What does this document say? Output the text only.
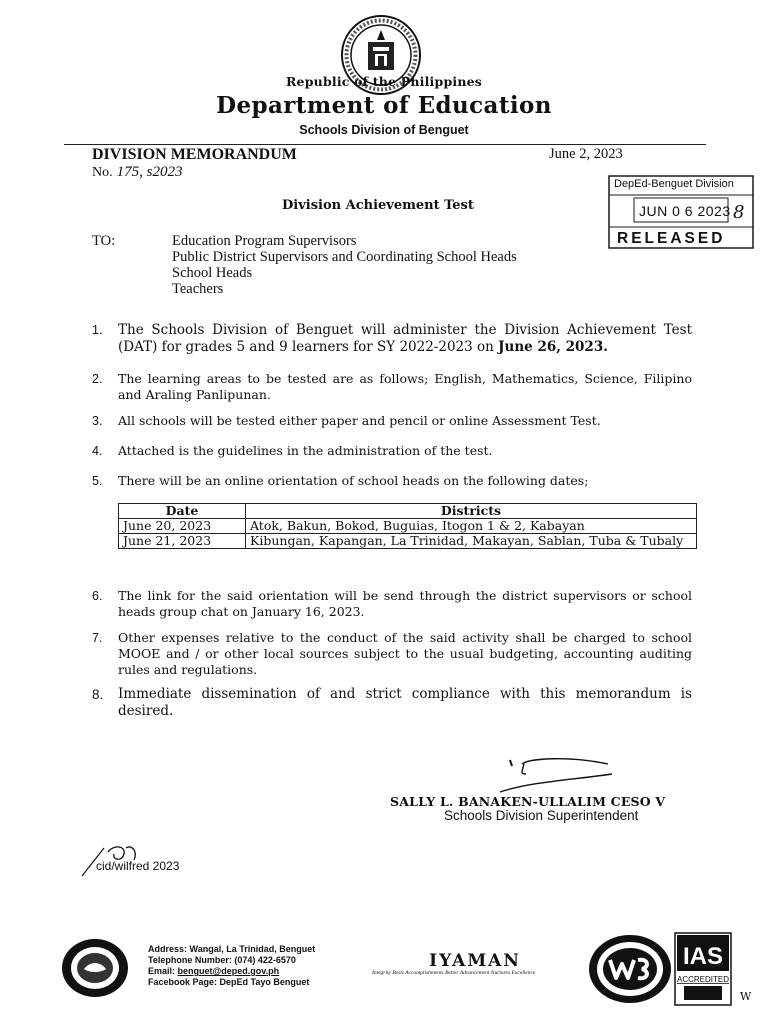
Republic of the Philippines
Department of Education
Schools Division of Benguet
DIVISION MEMORANDUM	June 2, 2023
No. 175, s2023
Division Achievement Test
DepEd-Benguet Division
JUN 0 6 2023 8
RELEASED
TO:	Education Program Supervisors
Public District Supervisors and Coordinating School Heads
School Heads
Teachers
1.	The Schools Division of Benguet will administer the Division Achievement Test (DAT) for grades 5 and 9 learners for SY 2022-2023 on June 26, 2023.
2.	The learning areas to be tested are as follows; English, Mathematics, Science, Filipino and Araling Panlipunan.
3.	All schools will be tested either paper and pencil or online Assessment Test.
4.	Attached is the guidelines in the administration of the test.
5.	There will be an online orientation of school heads on the following dates;
Date	Districts
June 20, 2023	Atok, Bakun, Bokod, Buguias, Itogon 1 & 2, Kabayan
June 21, 2023	Kibungan, Kapangan, La Trinidad, Makayan, Sablan, Tuba & Tubaly
6.	The link for the said orientation will be send through the district supervisors or school heads group chat on January 16, 2023.
7.	Other expenses relative to the conduct of the said activity shall be charged to school MOOE and / or other local sources subject to the usual budgeting, accounting auditing rules and regulations.
8.	Immediate dissemination of and strict compliance with this memorandum is desired.
SALLY L. BANAKEN-ULLALIM CESO V
Schools Division Superintendent
cid/wilfred 2023
Address: Wangal, La Trinidad, Benguet
Telephone Number: (074) 422-6570
Email: benguet@deped.gov.ph
Facebook Page: DepEd Tayo Benguet
IYAMAN
Integrity Bests Accomplishments Better Advancement Nurtures Excellence
IAS
ACCREDITED
W
